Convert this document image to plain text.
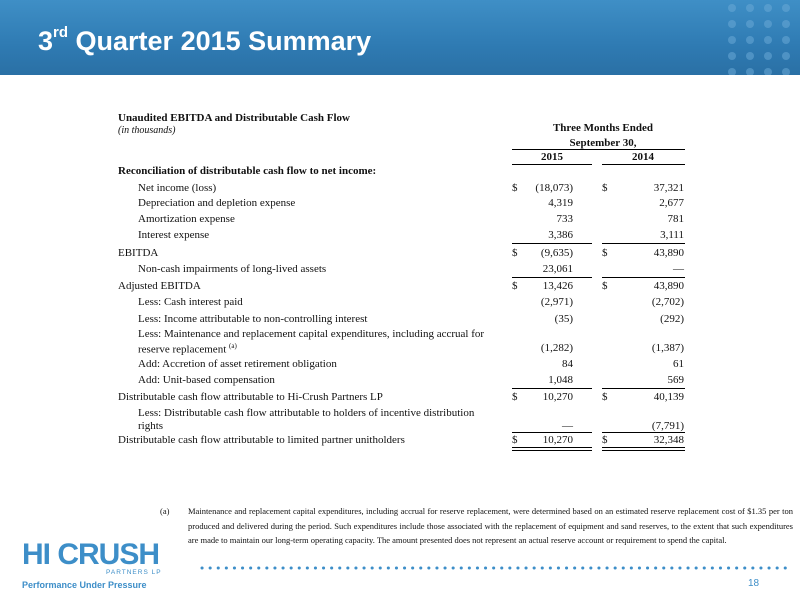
3rd Quarter 2015 Summary
Unaudited EBITDA and Distributable Cash Flow
(in thousands)	Three Months Ended
September 30,
2015	2014
Reconciliation of distributable cash flow to net income:
Net income (loss)	$ (18,073)	$	37,321
Depreciation and depletion expense	4,319	2,677
Amortization expense	733	781
Interest expense	3,386	3,111
EBITDA	$ (9,635)	$	43,890
Non-cash impairments of long-lived assets	23,061	—
Adjusted EBITDA	$ 13,426	$	43,890
Less: Cash interest paid	(2,971)	(2,702)
Less: Income attributable to non-controlling interest	(35)	(292)
Less: Maintenance and replacement capital expenditures, including accrual for
reserve replacement $^{(a)}$	(1,282)	(1,387)
Add: Accretion of asset retirement obligation	84	61
Add: Unit-based compensation	1,048	569
Distributable cash flow attributable to Hi-Crush Partners LP	$ 10,270	$	40,139
Less: Distributable cash flow attributable to holders of incentive distribution
rights	—	(7,791)
Distributable cash flow attributable to limited partner unitholders	$ 10,270	$	32,348
(a) Maintenance and replacement capital expenditures, including accrual for reserve replacement, were determined based on an estimated reserve replacement cost of $1.35 per ton produced and delivered during the period. Such expenditures include those associated with the replacement of equipment and sand reserves, to the extent that such expenditures are made to maintain our long-term operating capacity. The amount presented does not represent an actual reserve account or requirement to spend the capital.
HI CRUSH
PARTNERS LP
Performance Under Pressure	18
